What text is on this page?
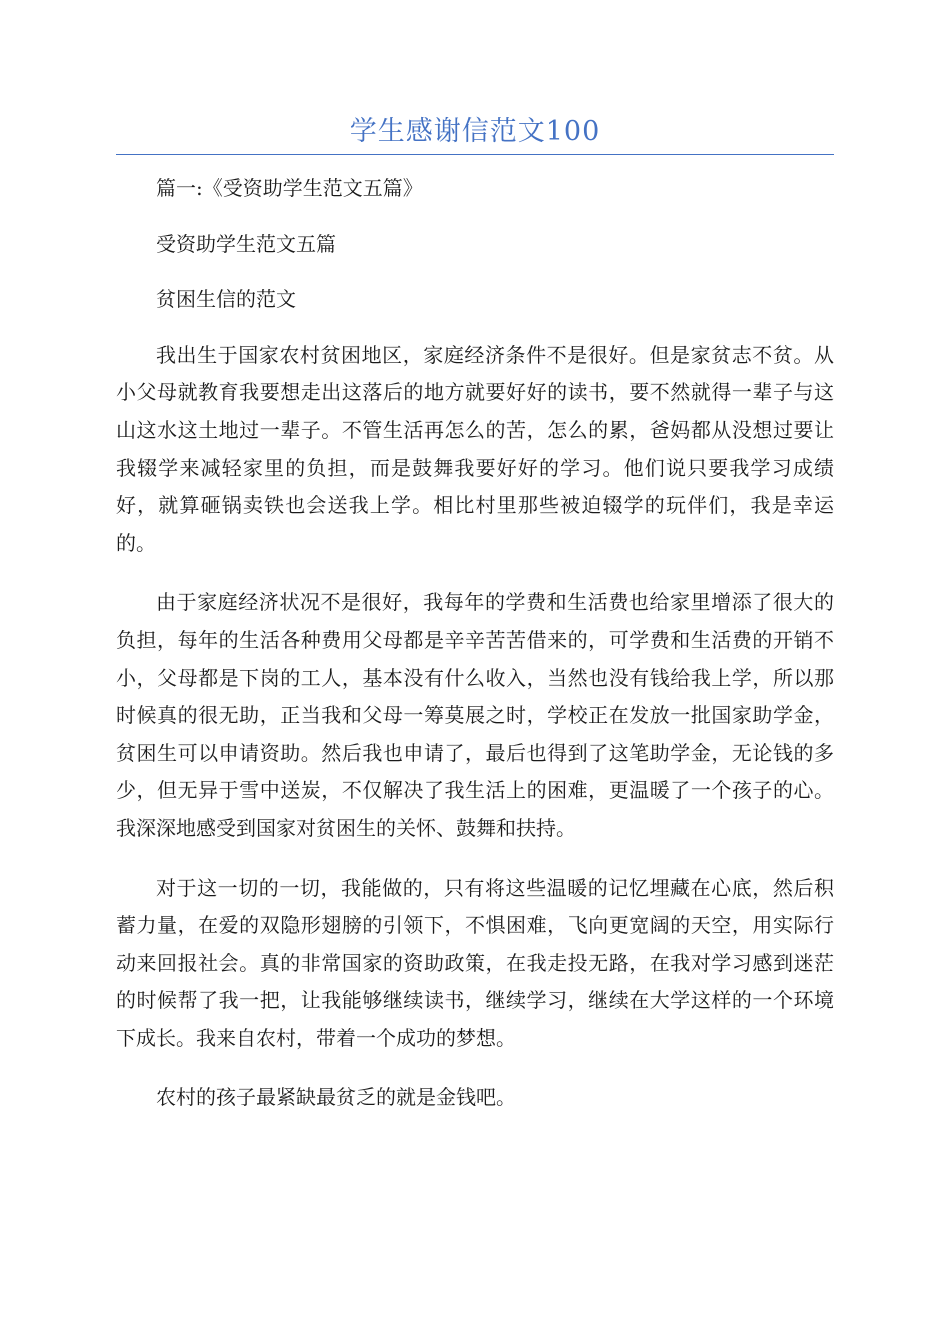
学生感谢信范文100

篇一:《受资助学生范文五篇》

受资助学生范文五篇

贫困生信的范文

我出生于国家农村贫困地区，家庭经济条件不是很好。但是家贫志不贫。从小父母就教育我要想走出这落后的地方就要好好的读书，要不然就得一辈子与这山这水这土地过一辈子。不管生活再怎么的苦，怎么的累，爸妈都从没想过要让我辍学来减轻家里的负担，而是鼓舞我要好好的学习。他们说只要我学习成绩好，就算砸锅卖铁也会送我上学。相比村里那些被迫辍学的玩伴们，我是幸运的。

由于家庭经济状况不是很好，我每年的学费和生活费也给家里增添了很大的负担，每年的生活各种费用父母都是辛辛苦苦借来的，可学费和生活费的开销不小，父母都是下岗的工人，基本没有什么收入，当然也没有钱给我上学，所以那时候真的很无助，正当我和父母一筹莫展之时，学校正在发放一批国家助学金，贫困生可以申请资助。然后我也申请了，最后也得到了这笔助学金，无论钱的多少，但无异于雪中送炭，不仅解决了我生活上的困难，更温暖了一个孩子的心。我深深地感受到国家对贫困生的关怀、鼓舞和扶持。

对于这一切的一切，我能做的，只有将这些温暖的记忆埋藏在心底，然后积蓄力量，在爱的双隐形翅膀的引领下，不惧困难，飞向更宽阔的天空，用实际行动来回报社会。真的非常国家的资助政策，在我走投无路，在我对学习感到迷茫的时候帮了我一把，让我能够继续读书，继续学习，继续在大学这样的一个环境下成长。我来自农村，带着一个成功的梦想。

农村的孩子最紧缺最贫乏的就是金钱吧。
